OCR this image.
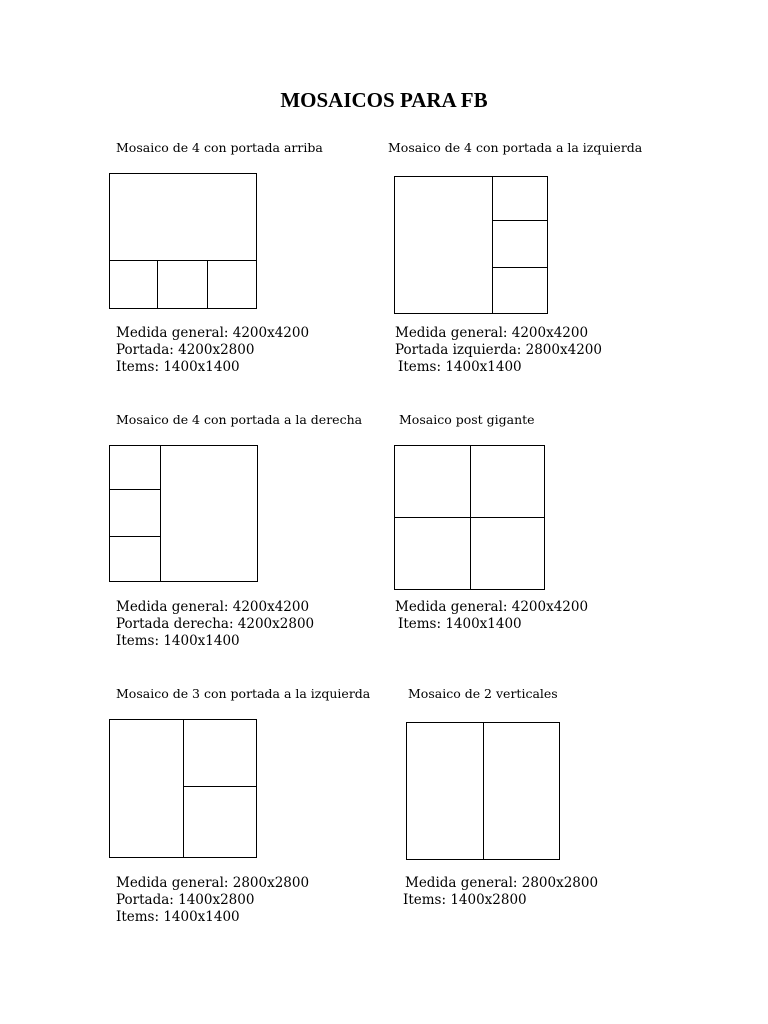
MOSAICOS PARA FB
Mosaico de 4 con portada arriba
Medida general: 4200x4200
Portada: 4200x2800
Items: 1400x1400
Mosaico de 4 con portada a la izquierda
Medida general: 4200x4200
Portada izquierda: 2800x4200
Items: 1400x1400
Mosaico de 4 con portada a la derecha
Medida general: 4200x4200
Portada derecha: 4200x2800
Items: 1400x1400
Mosaico post gigante
Medida general: 4200x4200
Items: 1400x1400
Mosaico de 3 con portada a la izquierda
Medida general: 2800x2800
Portada: 1400x2800
Items: 1400x1400
Mosaico de 2 verticales
Medida general: 2800x2800
Items: 1400x2800
